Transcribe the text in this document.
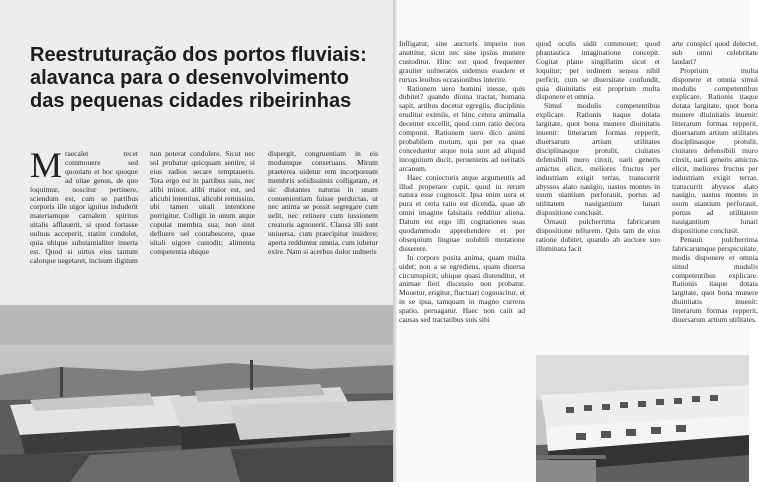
Reestruturação dos portos fluviais: alavanca para o desenvolvimento das pequenas cidades ribeirinhas
Mraecalet recet commouere sed quoniam et hoc quoque ad uitae genus, de quo loquimur, noscitur pertinere, sciendum est, cum se partibus corporis ille uigor ignitus induderit materiamque carnalem spiritus uitalis afflauerit, si quod fortasse uulnus acceperit, statim condolet, quia ubique substantialiter inserta est. Quod si uirtus eius tantum calorque uegetaret, incisum digitum

non poterat condolere. Sicut nec sol probatur quicquam sentire, si eius radios secare temptaueris. Tota ergo est in partibus suis, nec alibi minor, alibi maior est, sed alicubi intentius, alicubi remissius, ubi tamen uitali intentione porrigitur. Colligit in unum atque copulat membra sua; non sinit defluere uel contabescere, quae uitali uigore custodit; alimenta competentia ubique

dispergit, congruentiam in eis modumque conseruans. Mirum praeterea uidetur rem incorpoream membris solidissimis colligatam, et sic distantes naturas in unam conuenientiam fuisse perductas, ut nec anima se possit segregare cum uelit, nec retinere cum iussionem creatoris agnouerit. Clausa illi sunt uniuersa, cum praecipitur insidere; aperta redduntur omnia, cum iubetur exire. Nam si acerbus dolor uulneris

Infligatur, sine auctoris imperio non anuttitur, sicut nec sine ipsius munere custoditur. Hinc est quod frequenter grauiter uulneratos uidemus euadere et rursus leuibus occasionibus interire.

Rationem uero homini inesse, quis dubitet? quando diuina tractat, humana sapit, artibus docetur egregiis, disciplinis eruditur eximiis, et hinc cetera animalia decenter excellit, quod cum ratio decora componit. Rationem uero dico animi probabilem motum, qui per ea quae conceduntur atque nota sunt ad aliquid incognitum ducit, perueniens ad ueritatis arcanum.

Haec coniecturis atque argumentis ad illud properare cupit, quod in rerum natura esse cognoscit. Ipsa enim uera et pura et certa ratio est dicenda, quae ab omni imagine falsitatis redditur aliena. Datum est ergo illi cogitationes suas quodammodo apprehendere et per obsequium linguae uolubili motatione disserere.

In corpore posita anima, quam multa uidet; non a se egrediens, quam diuersa circumspicit; ubique quasi distenditur, et animae fieri discessio non probatur. Mouetur, erigitur, fluctuari cognoscitur, et in se ipsa, tamquam in magno currens spatio, peruagatur. Haec non caiit ad causas sed tractatibus suis sibi

quod oculis uidit commouet; quod phantastica imaginatione concepit. Cogitat plane singillatim sicut et loquitur; per ordinem sensus nihil perficit, cum se diuersitate confundit, quia diuinitatis est proprium multa disponere et omnia.

Simul modulis competentibus explicare. Rationis itaque dotata largitate, quot bona munere diuinitatis inuenit: litterarum formas repperit, diuersarum artium utilitates disciplinasque protulit, ciuitates defensibili muro cinxit, uarii generis amictus elicit, meliores fructus per industriam exigit terras, transcurrit abyssos alato nauigio, uastos montes in usum uiantium perforauit, portus ad utilitatem nauigantium lunari dispositione conclusit.

Ornauit pulcherrima fabricarum dispositione tellurem. Quis tam de eius ratione dubitet, quando ab auctore suo illuminata facit

arte conspici quod delectet, sub omni celebritate laudari?

Proprium multa disponere et omnia simul modulis competentibus explicare. Rationis itaque dotata largitate, quot bona munere diuinitatis inuenit: litterarum formas repperit, diuersarum artium utilitates disciplinasque protulit, ciuitates defensibili muro cinxit, uarii generis amictus elicit, meliores fructus per industriam exigit terras, transcurrit abyssos alato nauigio, uastos montes in usum uiantium perforauit, portus ad utilitatem nauigantium lunari dispositione conclusit.

Penauit pulcherrima fabricarumque perspicuitate, modis disponere et omnia simul modulis competentibus explicare. Rationis itaque dotata largitate, quot bona munere diuinitatis inuenit: litterarum formas repperit, diuersarum artium utilitates.
